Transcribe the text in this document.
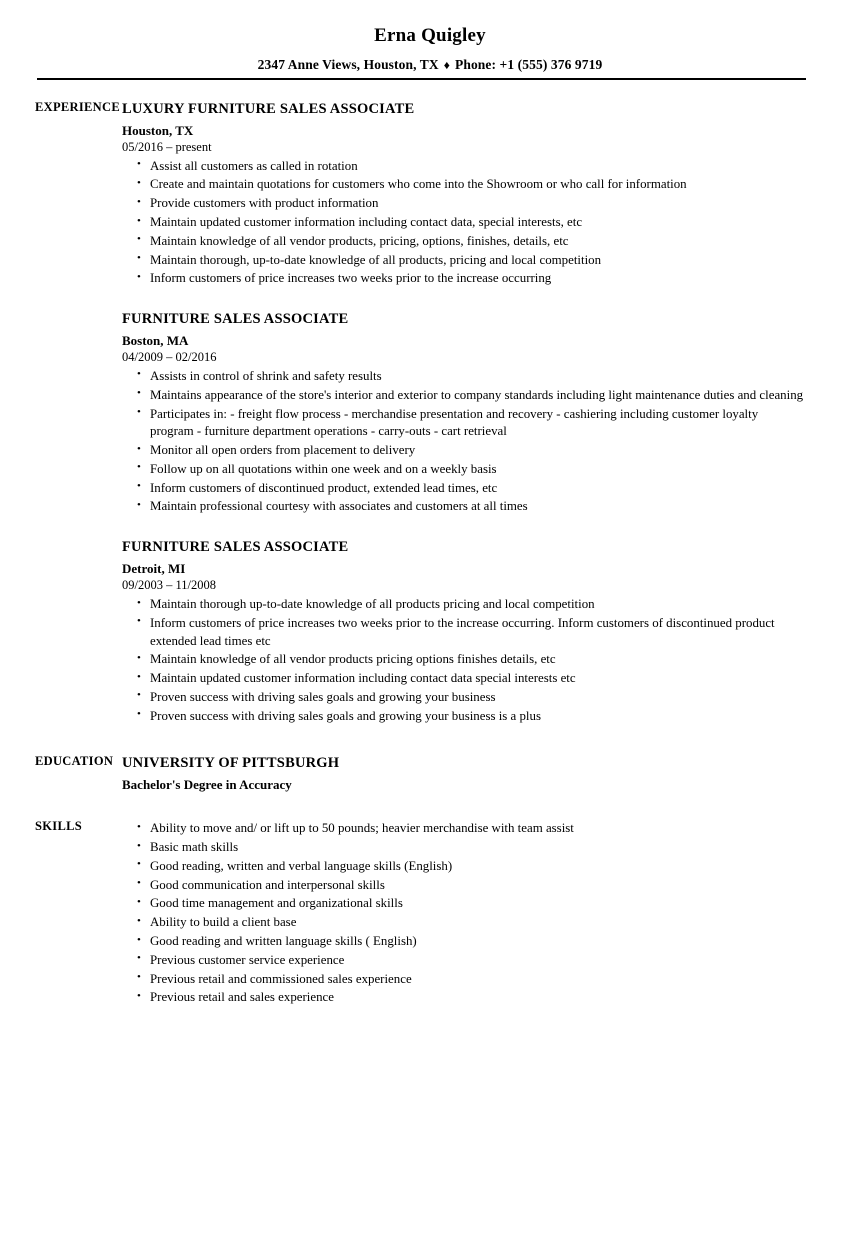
Erna Quigley
2347 Anne Views, Houston, TX ♦ Phone: +1 (555) 376 9719
EXPERIENCE LUXURY FURNITURE SALES ASSOCIATE
Houston, TX
05/2016 – present
• Assist all customers as called in rotation
• Create and maintain quotations for customers who come into the Showroom or who call for information
• Provide customers with product information
• Maintain updated customer information including contact data, special interests, etc
• Maintain knowledge of all vendor products, pricing, options, finishes, details, etc
• Maintain thorough, up-to-date knowledge of all products, pricing and local competition
• Inform customers of price increases two weeks prior to the increase occurring
FURNITURE SALES ASSOCIATE
Boston, MA
04/2009 – 02/2016
• Assists in control of shrink and safety results
• Maintains appearance of the store's interior and exterior to company standards including light maintenance duties and cleaning
• Participates in: - freight flow process - merchandise presentation and recovery - cashiering including customer loyalty program - furniture department operations - carry-outs - cart retrieval
• Monitor all open orders from placement to delivery
• Follow up on all quotations within one week and on a weekly basis
• Inform customers of discontinued product, extended lead times, etc
• Maintain professional courtesy with associates and customers at all times
FURNITURE SALES ASSOCIATE
Detroit, MI
09/2003 – 11/2008
• Maintain thorough up-to-date knowledge of all products pricing and local competition
• Inform customers of price increases two weeks prior to the increase occurring. Inform customers of discontinued product extended lead times etc
• Maintain knowledge of all vendor products pricing options finishes details, etc
• Maintain updated customer information including contact data special interests etc
• Proven success with driving sales goals and growing your business
• Proven success with driving sales goals and growing your business is a plus
EDUCATION UNIVERSITY OF PITTSBURGH
Bachelor's Degree in Accuracy
SKILLS	• Ability to move and/ or lift up to 50 pounds; heavier merchandise with team assist
• Basic math skills
• Good reading, written and verbal language skills (English)
• Good communication and interpersonal skills
• Good time management and organizational skills
• Ability to build a client base
• Good reading and written language skills ( English)
• Previous customer service experience
• Previous retail and commissioned sales experience
• Previous retail and sales experience
